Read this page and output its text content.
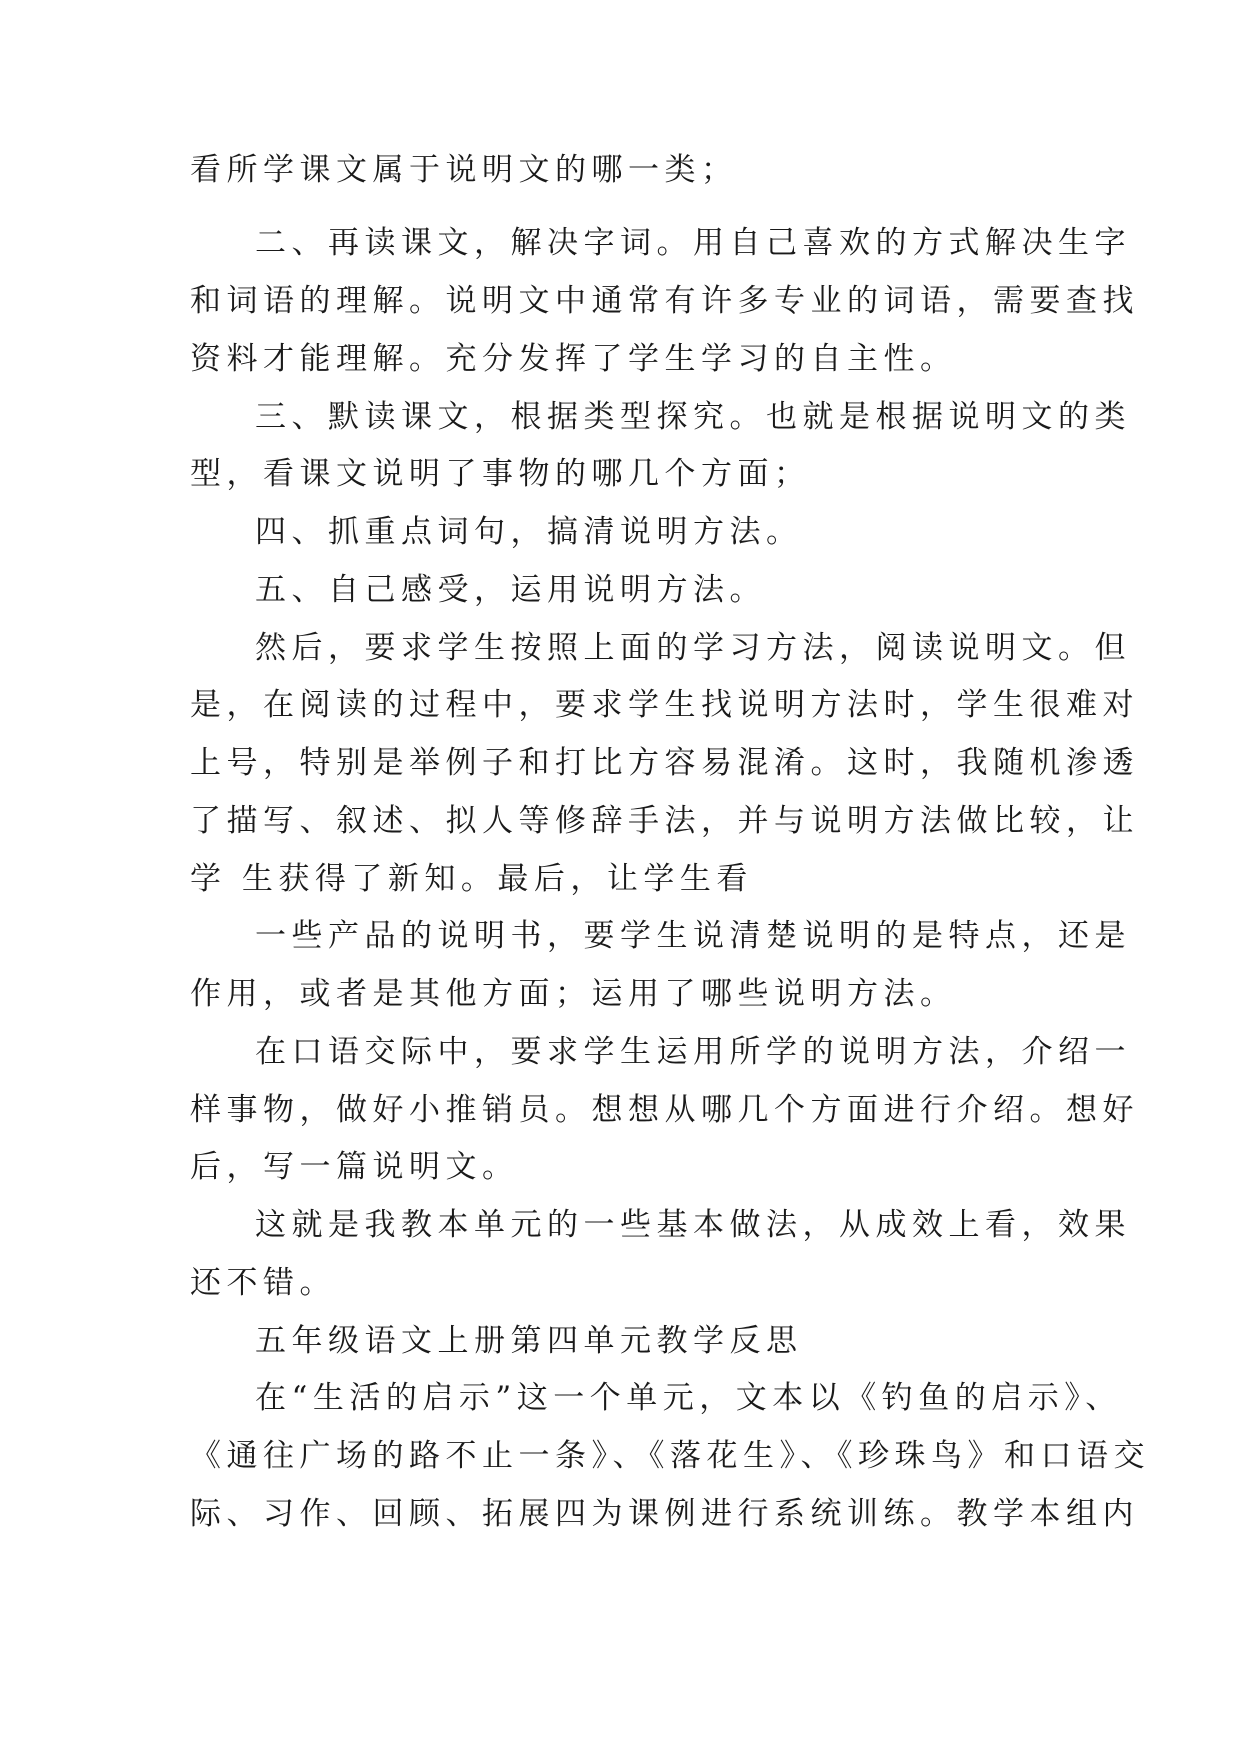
看所学课文属于说明文的哪一类；
二、再读课文，解决字词。用自己喜欢的方式解决生字
和词语的理解。说明文中通常有许多专业的词语，需要查找
资料才能理解。充分发挥了学生学习的自主性。
三、默读课文，根据类型探究。也就是根据说明文的类
型，看课文说明了事物的哪几个方面；
四、抓重点词句，搞清说明方法。
五、自己感受，运用说明方法。
然后，要求学生按照上面的学习方法，阅读说明文。但
是，在阅读的过程中，要求学生找说明方法时，学生很难对
上号，特别是举例子和打比方容易混淆。这时，我随机渗透
了描写、叙述、拟人等修辞手法，并与说明方法做比较，让
学 生获得了新知。最后，让学生看
一些产品的说明书，要学生说清楚说明的是特点，还是
作用，或者是其他方面；运用了哪些说明方法。
在口语交际中，要求学生运用所学的说明方法，介绍一
样事物，做好小推销员。想想从哪几个方面进行介绍。想好
后，写一篇说明文。
这就是我教本单元的一些基本做法，从成效上看，效果
还不错。
五年级语文上册第四单元教学反思
在“生活的启示”这一个单元，文本以《钓鱼的启示》、
《通往广场的路不止一条》、《落花生》、《珍珠鸟》和口语交
际、习作、回顾、拓展四为课例进行系统训练。教学本组内
